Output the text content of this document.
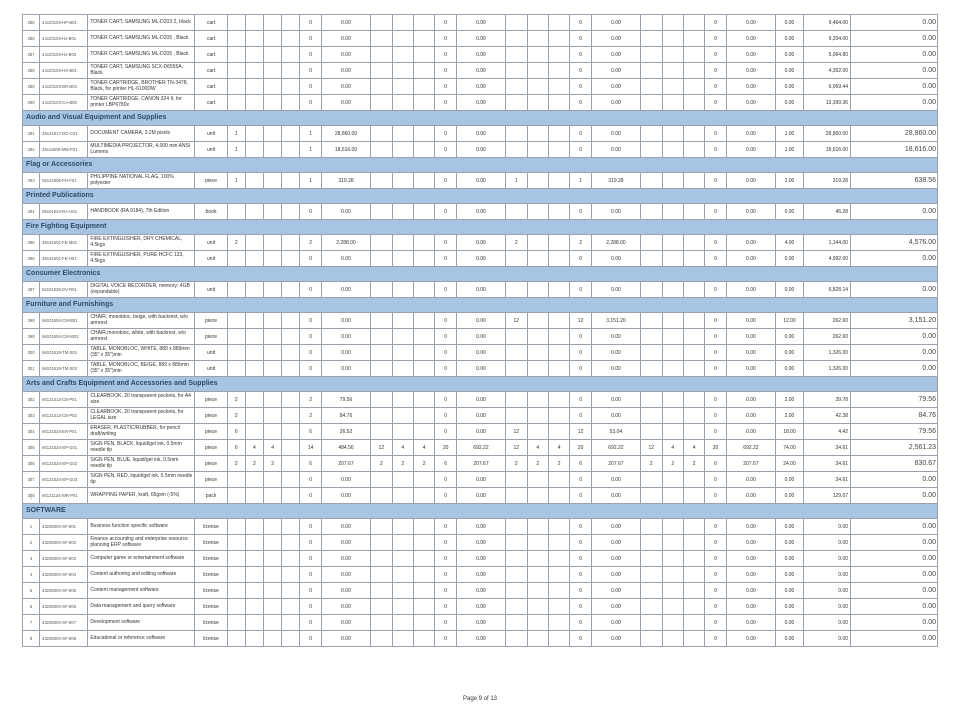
285	44103103-HP-B01	TONER CART, SAMSUNG ML-D203 2, black	cart					0	0.00				0	0.00				0	0.00				0	0.00	0.00	9,464.00	0.00
286	44103103-HJ-B01	TONER CART, SAMSUNG ML-D205 , Black	cart					0	0.00				0	0.00				0	0.00				0	0.00	0.00	9,204.00	0.00
287	44103103-HJ-B03	TONER CART, SAMSUNG ML-D205 , Black	cart					0	0.00				0	0.00				0	0.00				0	0.00	0.00	5,064.80	0.00
288	44103103-HX-B01	TONER CART, SAMSUNG SCX-D6555A, Black	cart					0	0.00				0	0.00				0	0.00				0	0.00	0.00	4,352.00	0.00
289	44103103-BR-B03	TONER CARTRIDGE, BROTHER TN-3478, Black, for printer HL-6100DW	cart					0	0.00				0	0.00				0	0.00				0	0.00	0.00	6,069.44	0.00
290	44103103-CA-B00	TONER CARTRIDGE, CANON 324 II, for printer LBP6780x	cart					0	0.00				0	0.00				0	0.00				0	0.00	0.00	13,399.36	0.00
Audio and Visual Equipment and Supplies																											
291	45121517-DO-C01	DOCUMENT CAMERA, 3.2M pixels	unit	1				1	28,860.00				0	0.00				0	0.00				0	0.00	1.00	28,860.00	28,860.00
292	45111609-MM-P01	MULTIMEDIA PROJECTOR, 4,000 min ANSI Lumens	unit	1				1	18,616.00				0	0.00				0	0.00				0	0.00	1.00	18,616.00	18,616.00
Flag or Accessories																											
293	55121905-PH-F01	PHILIPPINE NATIONAL FLAG, 100% polyester	piece	1				1	319.28				0	0.00	1			1	319.28				0	0.00	2.00	319.28	638.56
Printed Publications																											
294	55101524-RA-H01	HANDBOOK (RA 9184), 7th Edition	book					0	0.00				0	0.00				0	0.00				0	0.00	0.00	46.28	0.00
Fire Fighting Equipment																											
295	46191601-FE-M01	FIRE EXTINGUISHER, DRY CHEMICAL, 4.5kgs	unit	2				2	2,288.00				0	0.00	2			2	2,288.00				0	0.00	4.00	1,144.00	4,576.00
296	46191601-FE-H01	FIRE EXTINGUISHER, PURE HCFC 123, 4.5kgs	unit					0	0.00				0	0.00				0	0.00				0	0.00	0.00	4,992.00	0.00
Consumer Electronics																											
297	52161535-DV-R01	DIGITAL VOICE RECORDER, memory: 4GB (expandable)	unit					0	0.00				0	0.00				0	0.00				0	0.00	0.00	6,828.14	0.00
Furniture and Furnishings																											
298	56101504-CM-B01	CHAIR, monobloc, beige, with backrest, w/o armrest	piece					0	0.00				0	0.00	12			12	3,151.20				0	0.00	12.00	262.60	3,151.20
299	56101504-CM-W01	CHAIR,monobloc, white, with backrest, w/o armrest	piece					0	0.00				0	0.00				0	0.00				0	0.00	0.00	262.60	0.00
300	56101519-TM-S01	TABLE, MONOBLOC, WHITE, 889 x 889mm (35" x 35")min	unit					0	0.00				0	0.00				0	0.00				0	0.00	0.00	1,326.00	0.00
301	56101519-TM-S02	TABLE, MONOBLOC, BEIGE, 889 x 889mm (35" x 35")min	unit					0	0.00				0	0.00				0	0.00				0	0.00	0.00	1,326.00	0.00
Arts and Crafts Equipment and Accessories and Supplies																											
302	60121413-CB-P01	CLEARBOOK, 20 transparent pockets, for A4 size	piece	2				2	79.56				0	0.00				0	0.00				0	0.00	2.00	39.78	79.56
303	60121413-CB-P02	CLEARBOOK, 20 transparent pockets, for LEGAL size	piece	2				2	84.76				0	0.00				0	0.00				0	0.00	2.00	42.38	84.76
304	60121534-ER-P01	ERASER, PLASTIC/RUBBER, for pencil draft/writing	piece	6				6	26.52				0	0.00	12			12	53.04				0	0.00	18.00	4.42	79.56
305	60121524-SP-G01	SIGN PEN, BLACK, liquid/gel ink, 0.5mm needle tip	piece	6	4	4		14	484.56	12	4	4	20	692.22	12	4	4	20	692.22	12	4	4	20	692.22	74.00	34.61	2,561.23
306	60121524-SP-G02	SIGN PEN, BLUE, liquid/gel ink, 0.5mm needle tip	piece	2	2	2		6	207.67	2	2	2	6	207.67	2	2	2	6	207.67	2	2	2	6	207.67	24.00	34.61	830.67
307	60121524-SP-G03	SIGN PEN, RED, liquid/gel ink, 0.5mm needle tip	piece					0	0.00				0	0.00				0	0.00				0	0.00	0.00	34.61	0.00
308	60121124-WR-P01	WRAPPING PAPER, kraft, 65gsm (-5%)	pack					0	0.00				0	0.00				0	0.00				0	0.00	0.00	129.67	0.00
SOFTWARE																											
1	43230000-SF-001	Business function specific software	license					0	0.00				0	0.00				0	0.00				0	0.00	0.00	0.00	0.00
2	43230000-SF-002	Finance accounting and enterprise resource planning ERP software	license					0	0.00				0	0.00				0	0.00				0	0.00	0.00	0.00	0.00
3	43230000-SF-003	Computer game or entertainment software	license					0	0.00				0	0.00				0	0.00				0	0.00	0.00	0.00	0.00
4	43230000-SF-004	Content authoring and editing software	license					0	0.00				0	0.00				0	0.00				0	0.00	0.00	0.00	0.00
5	43230000-SF-005	Content management software	license					0	0.00				0	0.00				0	0.00				0	0.00	0.00	0.00	0.00
6	43230000-SF-006	Data management and query software	license					0	0.00				0	0.00				0	0.00				0	0.00	0.00	0.00	0.00
7	43230000-SF-007	Development software	license					0	0.00				0	0.00				0	0.00				0	0.00	0.00	0.00	0.00
8	43230000-SF-008	Educational or reference software	license					0	0.00				0	0.00				0	0.00				0	0.00	0.00	0.00	0.00
›
Page 9 of 13
